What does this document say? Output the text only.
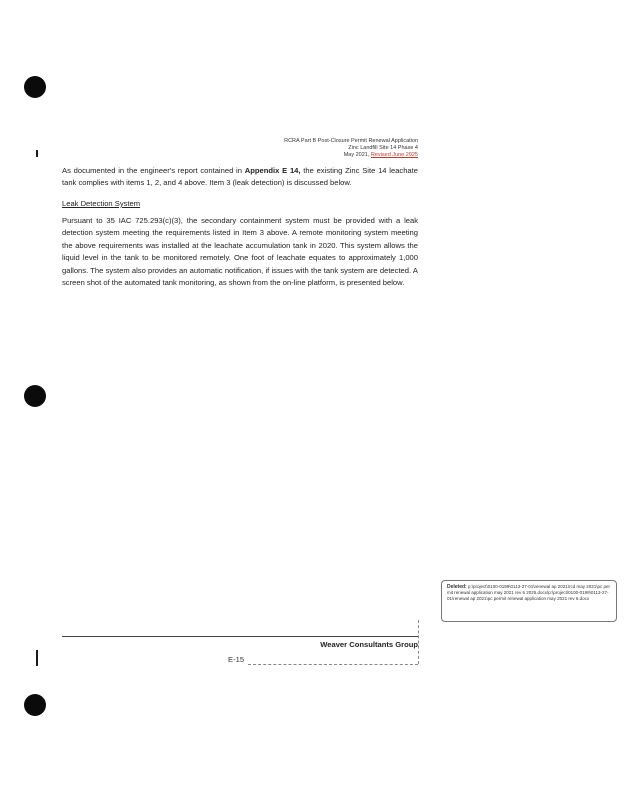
RCRA Part B Post-Closure Permit Renewal Application
Zinc Landfill Site 14 Phase 4
May 2021, Revised June 2025
As documented in the engineer's report contained in Appendix E 14, the existing Zinc Site 14 leachate tank complies with items 1, 2, and 4 above. Item 3 (leak detection) is discussed below.
Leak Detection System
Pursuant to 35 IAC 725.293(c)(3), the secondary containment system must be provided with a leak detection system meeting the requirements listed in Item 3 above. A remote monitoring system meeting the above requirements was installed at the leachate accumulation tank in 2020. This system allows the liquid level in the tank to be monitored remotely. One foot of leachate equates to approximately 1,000 gallons. The system also provides an automatic notification, if issues with the tank system are detected. A screen shot of the automated tank monitoring, as shown from the on-line platform, is presented below.
Weaver Consultants Group
E-15
Deleted: p:\project\0100-0199\0113-27-01\renewal ap 2021\rcd may 2021\pc permit renewal application may 2021 rev 6 2025.docx\p:\project\0100-0199\0113-27-01\renewal ap 2021\pc permit renewal application may 2021 rev 6.docx
